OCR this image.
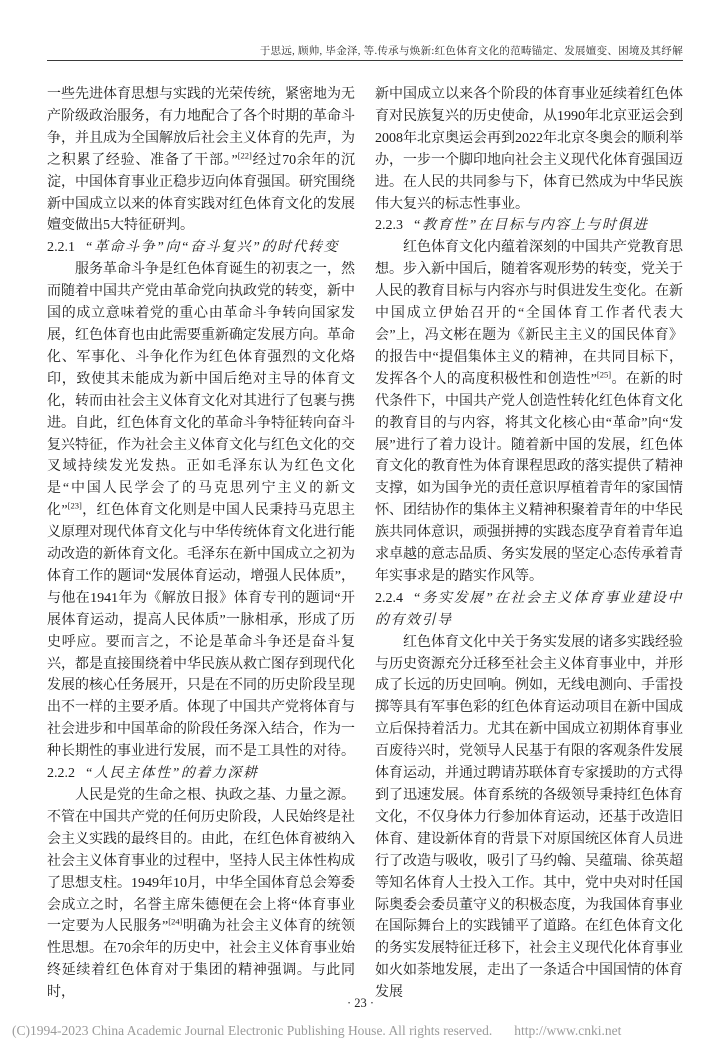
于思远, 顾帅, 毕金泽, 等.传承与焕新:红色体育文化的范畴锚定、发展嬗变、困境及其纾解

一些先进体育思想与实践的光荣传统，紧密地为无产阶级政治服务，有力地配合了各个时期的革命斗争，并且成为全国解放后社会主义体育的先声，为之积累了经验、准备了干部。”[22]经过70余年的沉淀，中国体育事业正稳步迈向体育强国。研究围绕新中国成立以来的体育实践对红色体育文化的发展嬗变做出5大特征研判。

2.2.1 “革命斗争”向“奋斗复兴”的时代转变

服务革命斗争是红色体育诞生的初衷之一，然而随着中国共产党由革命党向执政党的转变，新中国的成立意味着党的重心由革命斗争转向国家发展，红色体育也由此需要重新确定发展方向。革命化、军事化、斗争化作为红色体育强烈的文化烙印，致使其未能成为新中国后绝对主导的体育文化，转而由社会主义体育文化对其进行了包裹与携进。自此，红色体育文化的革命斗争特征转向奋斗复兴特征，作为社会主义体育文化与红色文化的交叉域持续发光发热。正如毛泽东认为红色文化是“中国人民学会了的马克思列宁主义的新文化”[23]，红色体育文化则是中国人民秉持马克思主义原理对现代体育文化与中华传统体育文化进行能动改造的新体育文化。毛泽东在新中国成立之初为体育工作的题词“发展体育运动，增强人民体质”，与他在1941年为《解放日报》体育专刊的题词“开展体育运动，提高人民体质”一脉相承，形成了历史呼应。要而言之，不论是革命斗争还是奋斗复兴，都是直接围绕着中华民族从救亡图存到现代化发展的核心任务展开，只是在不同的历史阶段呈现出不一样的主要矛盾。体现了中国共产党将体育与社会进步和中国革命的阶段任务深入结合，作为一种长期性的事业进行发展，而不是工具性的对待。

2.2.2 “人民主体性”的着力深耕

人民是党的生命之根、执政之基、力量之源。不管在中国共产党的任何历史阶段，人民始终是社会主义实践的最终目的。由此，在红色体育被纳入社会主义体育事业的过程中，坚持人民主体性构成了思想支柱。1949年10月，中华全国体育总会筹委会成立之时，名誉主席朱德便在会上将“体育事业一定要为人民服务”[24]明确为社会主义体育的统领性思想。在70余年的历史中，社会主义体育事业始终延续着红色体育对于集团的精神强调。与此同时，

新中国成立以来各个阶段的体育事业延续着红色体育对民族复兴的历史使命，从1990年北京亚运会到2008年北京奥运会再到2022年北京冬奥会的顺利举办，一步一个脚印地向社会主义现代化体育强国迈进。在人民的共同参与下，体育已然成为中华民族伟大复兴的标志性事业。

2.2.3 “教育性”在目标与内容上与时俱进

红色体育文化内蕴着深刻的中国共产党教育思想。步入新中国后，随着客观形势的转变，党关于人民的教育目标与内容亦与时俱进发生变化。在新中国成立伊始召开的“全国体育工作者代表大会”上，冯文彬在题为《新民主主义的国民体育》的报告中“提倡集体主义的精神，在共同目标下，发挥各个人的高度积极性和创造性”[25]。在新的时代条件下，中国共产党人创造性转化红色体育文化的教育目的与内容，将其文化核心由“革命”向“发展”进行了着力设计。随着新中国的发展，红色体育文化的教育性为体育课程思政的落实提供了精神支撑，如为国争光的责任意识厚植着青年的家国情怀、团结协作的集体主义精神积聚着青年的中华民族共同体意识，顽强拼搏的实践态度孕育着青年追求卓越的意志品质、务实发展的坚定心态传承着青年实事求是的踏实作风等。

2.2.4 “务实发展”在社会主义体育事业建设中的有效引导

红色体育文化中关于务实发展的诸多实践经验与历史资源充分迁移至社会主义体育事业中，并形成了长远的历史回响。例如，无线电测向、手雷投掷等具有军事色彩的红色体育运动项目在新中国成立后保持着活力。尤其在新中国成立初期体育事业百废待兴时，党领导人民基于有限的客观条件发展体育运动，并通过聘请苏联体育专家援助的方式得到了迅速发展。体育系统的各级领导秉持红色体育文化，不仅身体力行参加体育运动，还基于改造旧体育、建设新体育的背景下对原国统区体育人员进行了改造与吸收，吸引了马约翰、吴蕴瑞、徐英超等知名体育人士投入工作。其中，党中央对时任国际奥委会委员董守义的积极态度，为我国体育事业在国际舞台上的实践铺平了道路。在红色体育文化的务实发展特征迁移下，社会主义现代化体育事业如火如荼地发展，走出了一条适合中国国情的体育发展

· 23 ·
(C)1994-2023 China Academic Journal Electronic Publishing House. All rights reserved. http://www.cnki.net
